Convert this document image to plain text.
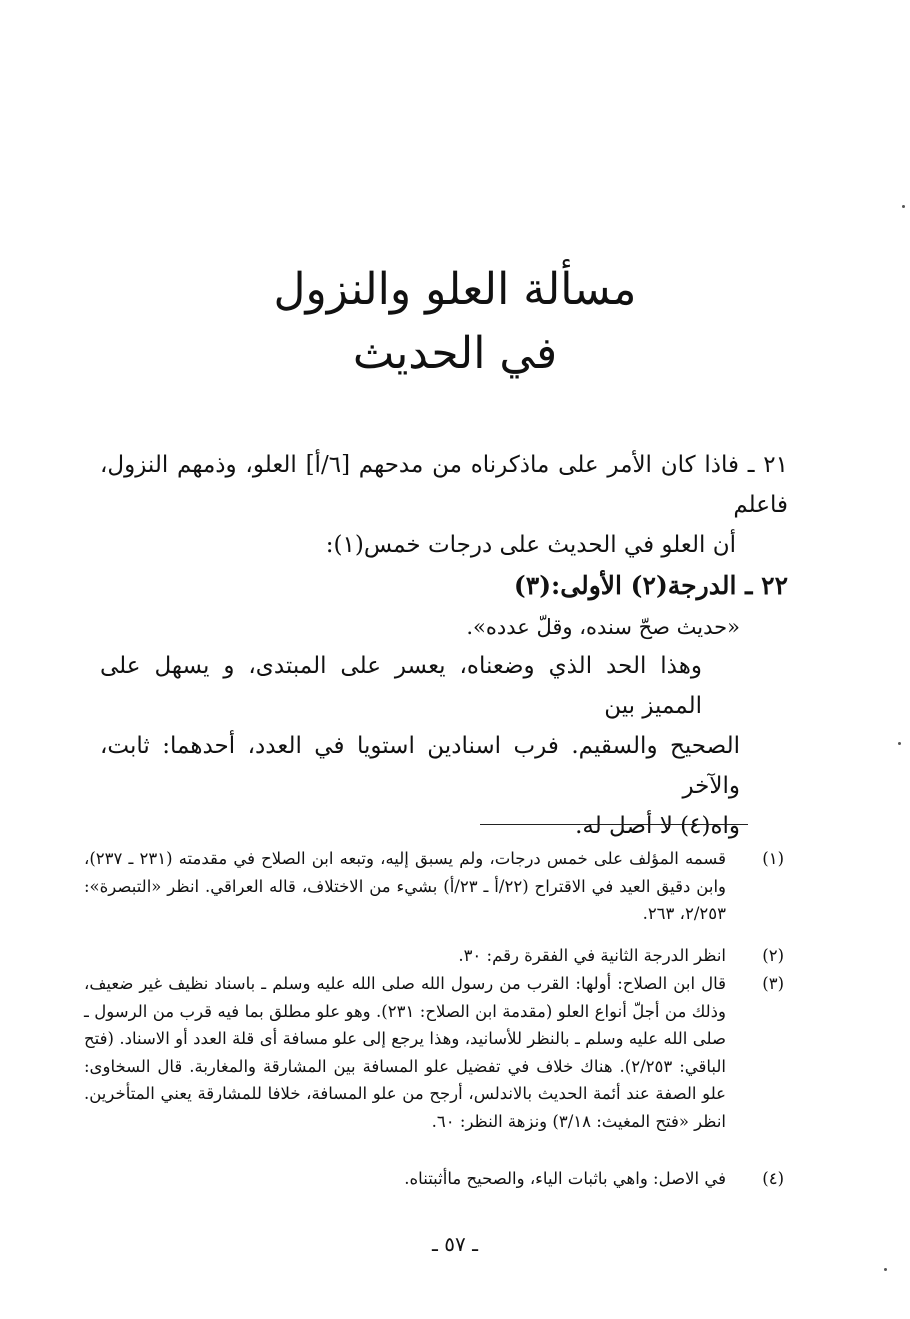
مسألة العلو والنزول
في الحديث
٢١ ـ فاذا كان الأمر على ماذكرناه من مدحهم [٦/أ] العلو، وذمهم النزول، فاعلم
أن العلو في الحديث على درجات خمس(١):
٢٢ ـ الدرجة(٢) الأولى:(٣)
«حديث صحّ سنده، وقلّ عدده».
وهذا الحد الذي وضعناه، يعسر على المبتدى، و يسهل على المميز بين
الصحيح والسقيم. فرب اسنادين استويا في العدد، أحدهما: ثابت، والآخر
واه(٤) لا أصل له.
(١)
قسمه المؤلف على خمس درجات، ولم يسبق إليه، وتبعه ابن الصلاح في مقدمته (٢٣١ ـ ٢٣٧)، وابن دقيق العيد في الاقتراح (٢٢/أ ـ ٢٣/أ) بشيء من الاختلاف، قاله العراقي. انظر «التبصرة»: ٢/٢٥٣، ٢٦٣.
(٢)
انظر الدرجة الثانية في الفقرة رقم: ٣٠.
(٣)
قال ابن الصلاح: أولها: القرب من رسول الله صلى الله عليه وسلم ـ باسناد نظيف غير ضعيف، وذلك من أجلّ أنواع العلو (مقدمة ابن الصلاح: ٢٣١). وهو علو مطلق بما فيه قرب من الرسول ـ صلى الله عليه وسلم ـ بالنظر للأسانيد، وهذا يرجع إلى علو مسافة أى قلة العدد أو الاسناد. (فتح الباقي: ٢/٢٥٣). هناك خلاف في تفضيل علو المسافة بين المشارقة والمغاربة. قال السخاوى: علو الصفة عند أئمة الحديث بالاندلس، أرجح من علو المسافة، خلافا للمشارقة يعني المتأخرين. انظر «فتح المغيث: ٣/١٨) ونزهة النظر: ٦٠.
(٤)
في الاصل: واهي باثبات الياء، والصحيح ماأثبتناه.
ـ ٥٧ ـ
